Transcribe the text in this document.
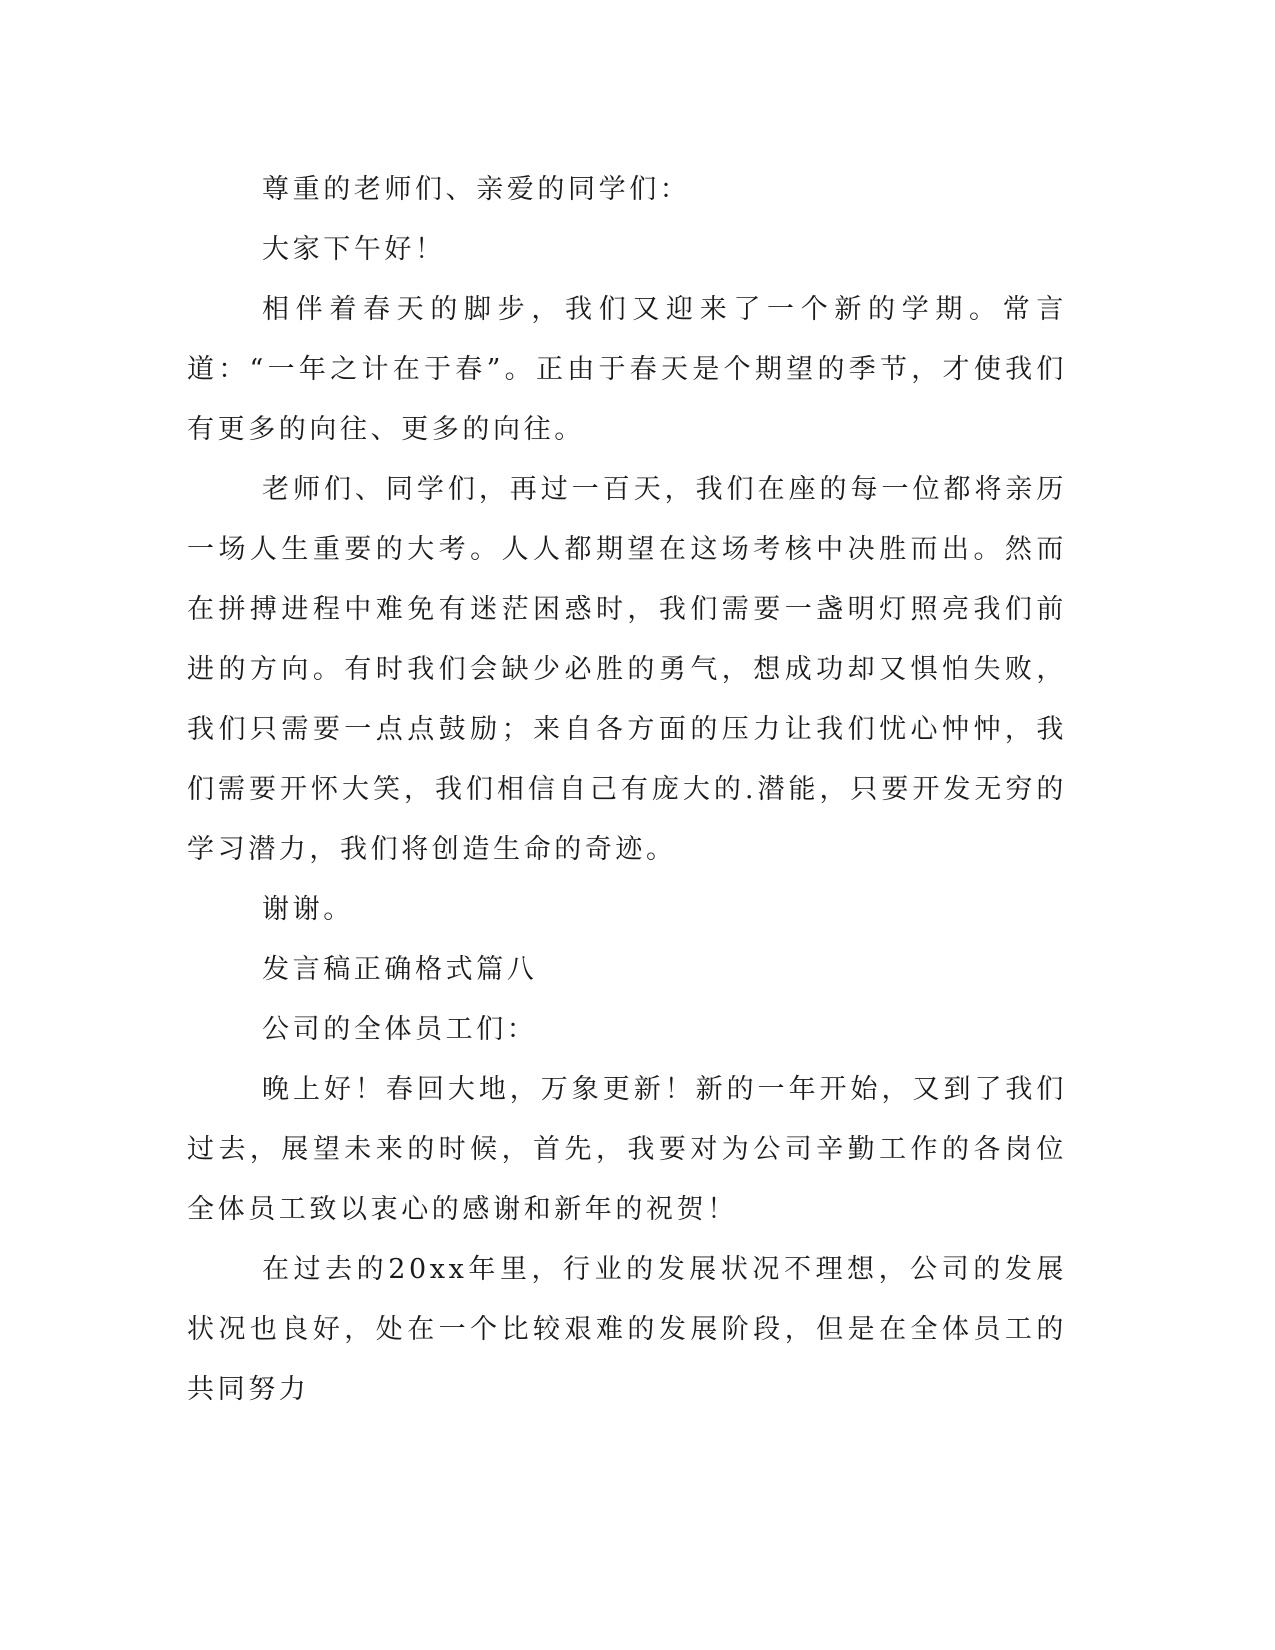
尊重的老师们、亲爱的同学们：

大家下午好！

相伴着春天的脚步，我们又迎来了一个新的学期。常言道：“一年之计在于春”。正由于春天是个期望的季节，才使我们有更多的向往、更多的向往。

老师们、同学们，再过一百天，我们在座的每一位都将亲历一场人生重要的大考。人人都期望在这场考核中决胜而出。然而在拼搏进程中难免有迷茫困惑时，我们需要一盏明灯照亮我们前进的方向。有时我们会缺少必胜的勇气，想成功却又惧怕失败，我们只需要一点点鼓励；来自各方面的压力让我们忧心忡忡，我们需要开怀大笑，我们相信自己有庞大的.潜能，只要开发无穷的学习潜力，我们将创造生命的奇迹。

谢谢。

发言稿正确格式篇八

公司的全体员工们：

晚上好！春回大地，万象更新！新的一年开始，又到了我们过去，展望未来的时候，首先，我要对为公司辛勤工作的各岗位全体员工致以衷心的感谢和新年的祝贺！

在过去的20xx年里，行业的发展状况不理想，公司的发展状况也良好，处在一个比较艰难的发展阶段，但是在全体员工的共同努力
